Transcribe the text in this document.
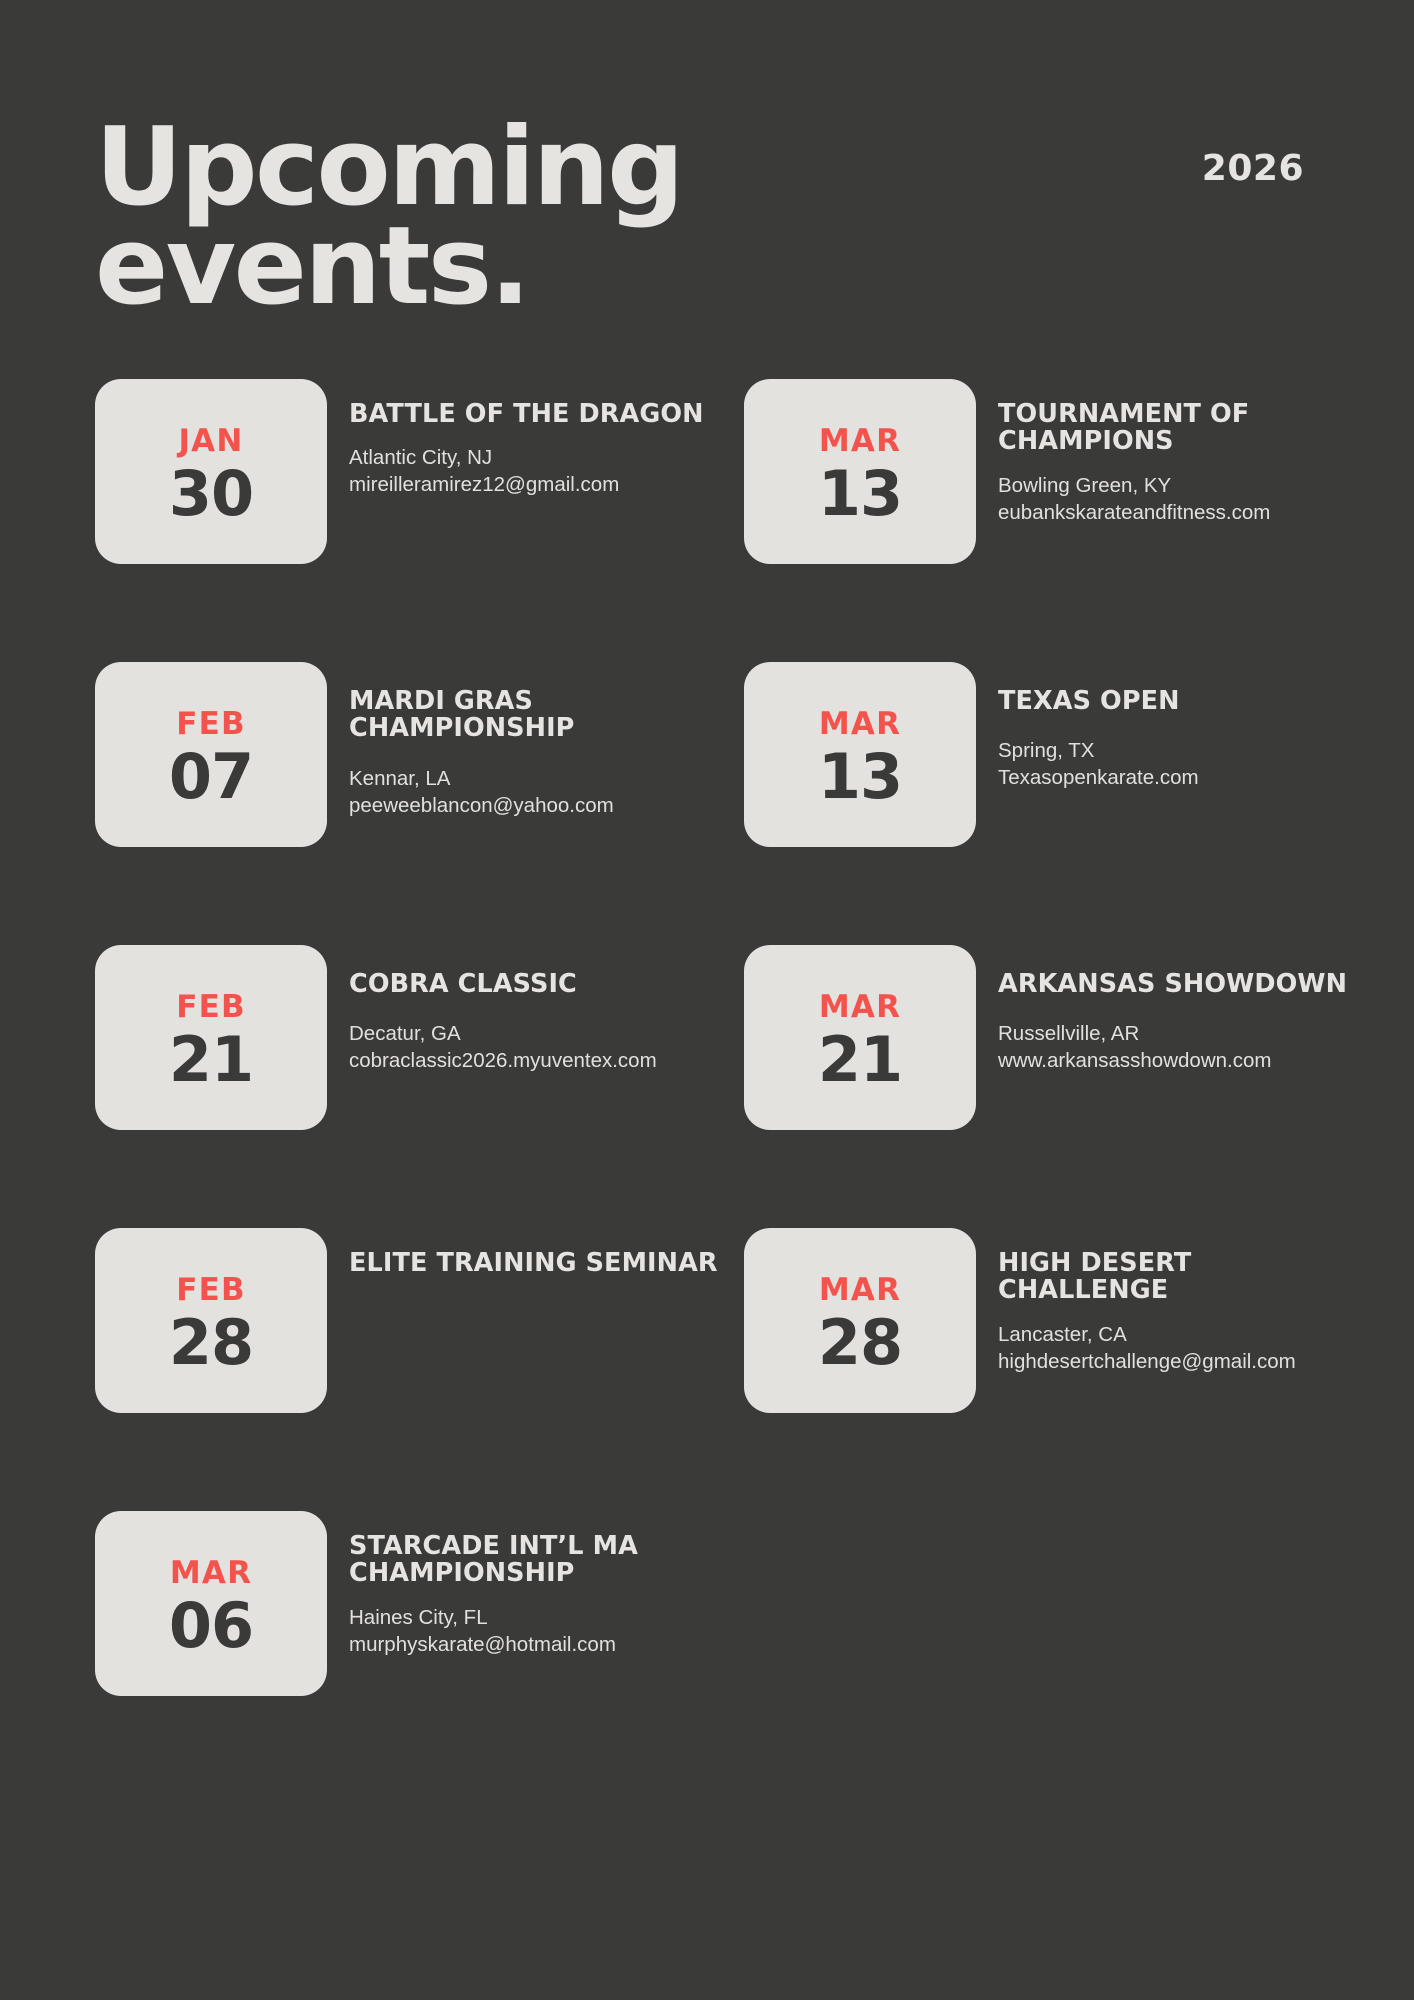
Upcoming
events.
2026
JAN
30
BATTLE OF THE DRAGON
Atlantic City, NJ
mireilleramirez12@gmail.com
MAR
13
TOURNAMENT OF CHAMPIONS
Bowling Green, KY
eubankskarateandfitness.com
FEB
07
MARDI GRAS CHAMPIONSHIP
Kennar, LA
peeweeblancon@yahoo.com
MAR
13
TEXAS OPEN
Spring, TX
Texasopenkarate.com
FEB
21
COBRA CLASSIC
Decatur, GA
cobraclassic2026.myuventex.com
MAR
21
ARKANSAS SHOWDOWN
Russellville, AR
www.arkansasshowdown.com
FEB
28
ELITE TRAINING SEMINAR
MAR
28
HIGH DESERT CHALLENGE
Lancaster, CA
highdesertchallenge@gmail.com
MAR
06
STARCADE INT’L MA CHAMPIONSHIP
Haines City, FL
murphyskarate@hotmail.com
